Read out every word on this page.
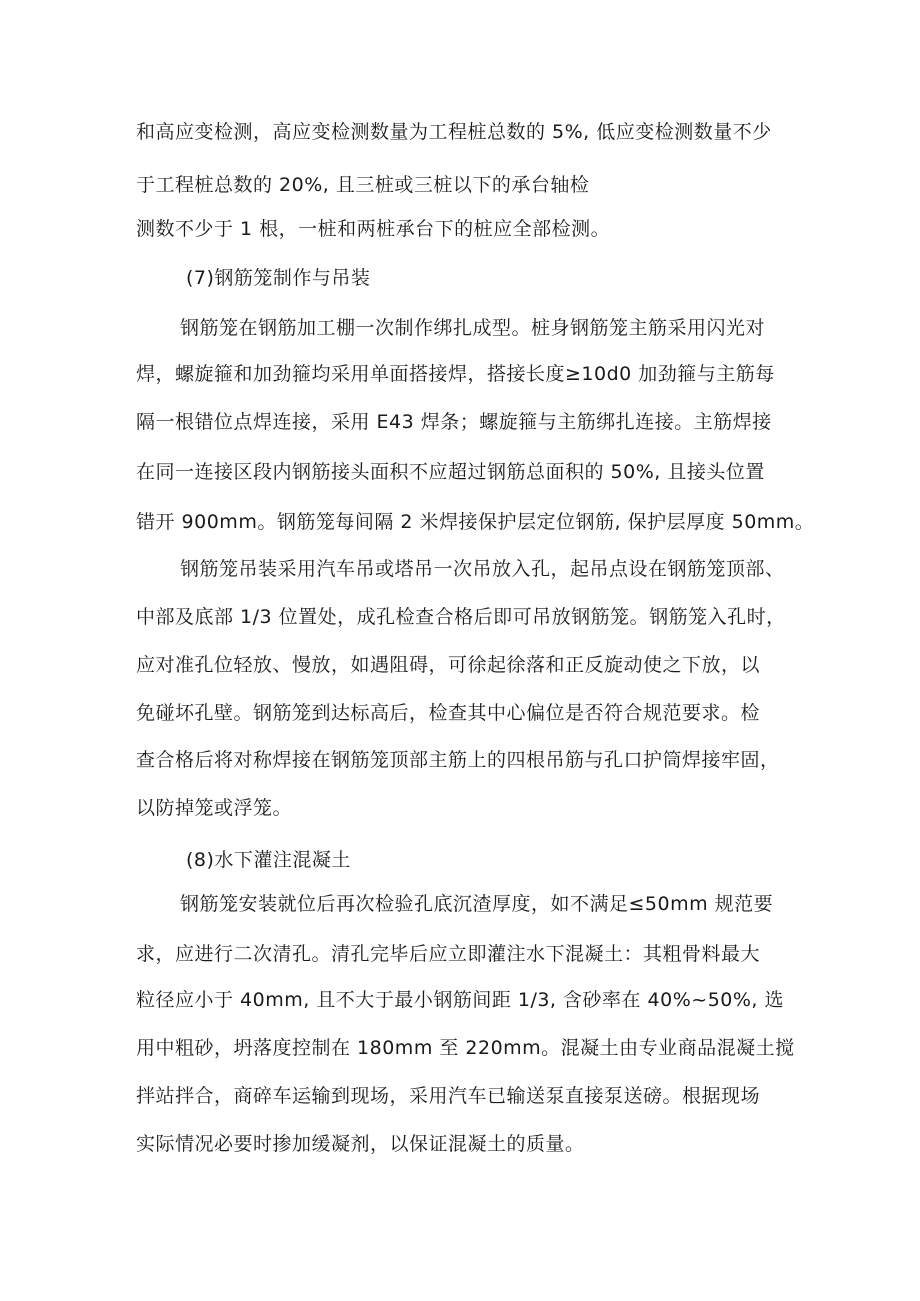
和高应变检测，高应变检测数量为工程桩总数的 5%, 低应变检测数量不少
于工程桩总数的 20%, 且三桩或三桩以下的承台轴检
测数不少于 1 根，一桩和两桩承台下的桩应全部检测。
(7)钢筋笼制作与吊装
钢筋笼在钢筋加工棚一次制作绑扎成型。桩身钢筋笼主筋采用闪光对
焊，螺旋箍和加劲箍均采用单面搭接焊，搭接长度≥10d0 加劲箍与主筋每
隔一根错位点焊连接，采用 E43 焊条；螺旋箍与主筋绑扎连接。主筋焊接
在同一连接区段内钢筋接头面积不应超过钢筋总面积的 50%, 且接头位置
错开 900mm。钢筋笼每间隔 2 米焊接保护层定位钢筋, 保护层厚度 50mm。
钢筋笼吊装采用汽车吊或塔吊一次吊放入孔，起吊点设在钢筋笼顶部、
中部及底部 1/3 位置处，成孔检查合格后即可吊放钢筋笼。钢筋笼入孔时，
应对准孔位轻放、慢放，如遇阻碍，可徐起徐落和正反旋动使之下放，以
免碰坏孔壁。钢筋笼到达标高后，检查其中心偏位是否符合规范要求。检
查合格后将对称焊接在钢筋笼顶部主筋上的四根吊筋与孔口护筒焊接牢固，
以防掉笼或浮笼。
(8)水下灌注混凝土
钢筋笼安装就位后再次检验孔底沉渣厚度，如不满足≤50mm 规范要
求，应进行二次清孔。清孔完毕后应立即灌注水下混凝土：其粗骨料最大
粒径应小于 40mm, 且不大于最小钢筋间距 1/3, 含砂率在 40%~50%, 选
用中粗砂，坍落度控制在 180mm 至 220mm。混凝土由专业商品混凝土搅
拌站拌合，商碎车运输到现场，采用汽车已输送泵直接泵送磅。根据现场
实际情况必要时掺加缓凝剂，以保证混凝土的质量。
